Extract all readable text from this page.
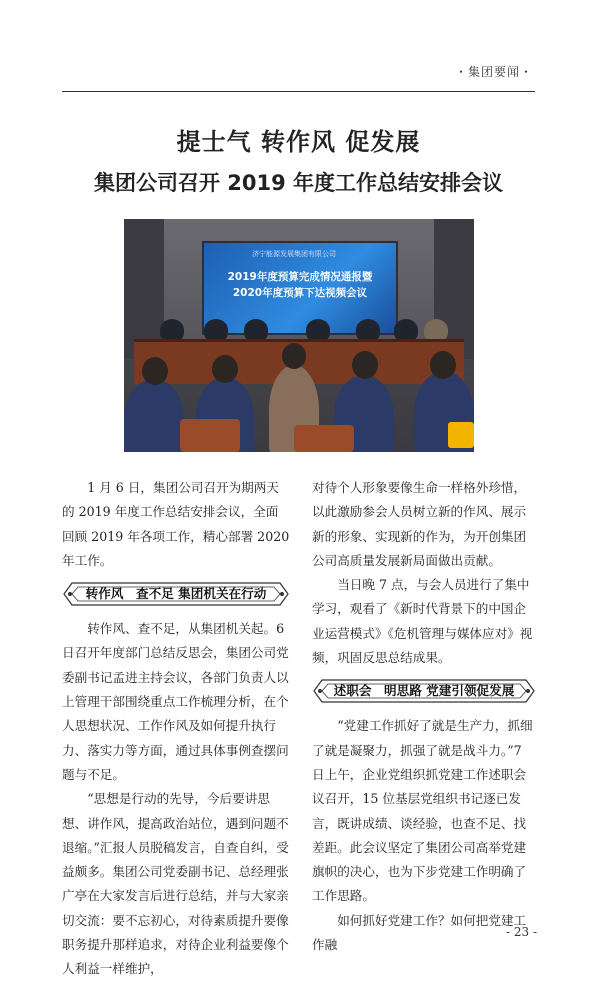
・集团要闻・
提士气 转作风 促发展
集团公司召开 2019 年度工作总结安排会议
济宁能源发展集团有限公司
2019年度预算完成情况通报暨
2020年度预算下达视频会议

1 月 6 日，集团公司召开为期两天的 2019 年度工作总结安排会议，全面回顾 2019 年各项工作，精心部署 2020 年工作。

转作风　查不足 集团机关在行动

转作风、查不足，从集团机关起。6 日召开年度部门总结反思会，集团公司党委副书记孟进主持会议，各部门负责人以上管理干部围绕重点工作梳理分析，在个人思想状况、工作作风及如何提升执行力、落实力等方面，通过具体事例查摆问题与不足。

“思想是行动的先导，今后要讲思想、讲作风，提高政治站位，遇到问题不退缩。”汇报人员脱稿发言，自查自纠，受益颇多。集团公司党委副书记、总经理张广亭在大家发言后进行总结，并与大家亲切交流：要不忘初心，对待素质提升要像职务提升那样追求，对待企业利益要像个人利益一样维护，

对待个人形象要像生命一样格外珍惜，以此激励参会人员树立新的作风、展示新的形象、实现新的作为，为开创集团公司高质量发展新局面做出贡献。

当日晚 7 点，与会人员进行了集中学习，观看了《新时代背景下的中国企业运营模式》《危机管理与媒体应对》视频，巩固反思总结成果。

述职会　明思路 党建引领促发展

“党建工作抓好了就是生产力，抓细了就是凝聚力，抓强了就是战斗力。”7 日上午，企业党组织抓党建工作述职会议召开，15 位基层党组织书记逐已发言，既讲成绩、谈经验，也查不足、找差距。此会议坚定了集团公司高举党建旗帜的决心，也为下步党建工作明确了工作思路。

如何抓好党建工作？如何把党建工作融

- 23 -
